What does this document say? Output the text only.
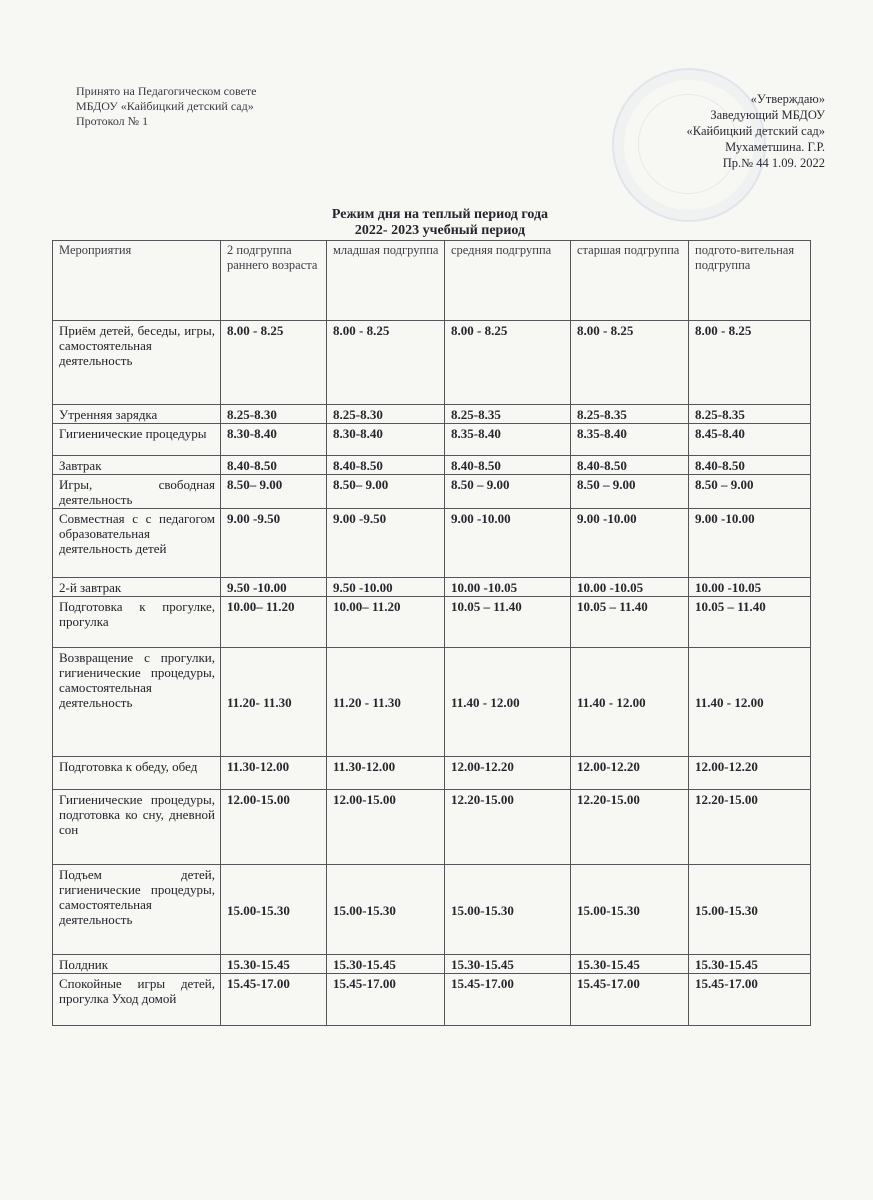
Принято на Педагогическом совете
МБДОУ «Кайбицкий детский сад»
Протокол № 1
«Утверждаю»
Заведующий МБДОУ
«Кайбицкий детский сад»
Мухаметшина. Г.Р.
Пр.№ 44 1.09. 2022
Режим дня на теплый период года
2022- 2023 учебный период
Мероприятия	2 подгруппа раннего возраста	младшая подгруппа	средняя подгруппа	старшая подгруппа	подгото-вительная подгруппа
Приём детей, беседы, игры, самостоятельная деятельность	8.00 - 8.25	8.00 - 8.25	8.00 - 8.25	8.00 - 8.25	8.00 - 8.25
Утренняя зарядка	8.25-8.30	8.25-8.30	8.25-8.35	8.25-8.35	8.25-8.35
Гигиенические процедуры	8.30-8.40	8.30-8.40	8.35-8.40	8.35-8.40	8.45-8.40
Завтрак	8.40-8.50	8.40-8.50	8.40-8.50	8.40-8.50	8.40-8.50
Игры, свободная деятельность	8.50– 9.00	8.50– 9.00	8.50 – 9.00	8.50 – 9.00	8.50 – 9.00
Совместная с с педагогом образовательная деятельность детей	9.00 -9.50	9.00 -9.50	9.00 -10.00	9.00 -10.00	9.00 -10.00
2-й завтрак	9.50 -10.00	9.50 -10.00	10.00 -10.05	10.00 -10.05	10.00 -10.05
Подготовка к прогулке, прогулка	10.00– 11.20	10.00– 11.20	10.05 – 11.40	10.05 – 11.40	10.05 – 11.40
Возвращение с прогулки, гигиенические процедуры, самостоятельная деятельность	11.20- 11.30	11.20 - 11.30	11.40 - 12.00	11.40 - 12.00	11.40 - 12.00
Подготовка к обеду, обед	11.30-12.00	11.30-12.00	12.00-12.20	12.00-12.20	12.00-12.20
Гигиенические процедуры, подготовка ко сну, дневной сон	12.00-15.00	12.00-15.00	12.20-15.00	12.20-15.00	12.20-15.00
Подъем детей, гигиенические процедуры, самостоятельная деятельность	15.00-15.30	15.00-15.30	15.00-15.30	15.00-15.30	15.00-15.30
Полдник	15.30-15.45	15.30-15.45	15.30-15.45	15.30-15.45	15.30-15.45
Спокойные игры детей, прогулка Уход домой	15.45-17.00	15.45-17.00	15.45-17.00	15.45-17.00	15.45-17.00
